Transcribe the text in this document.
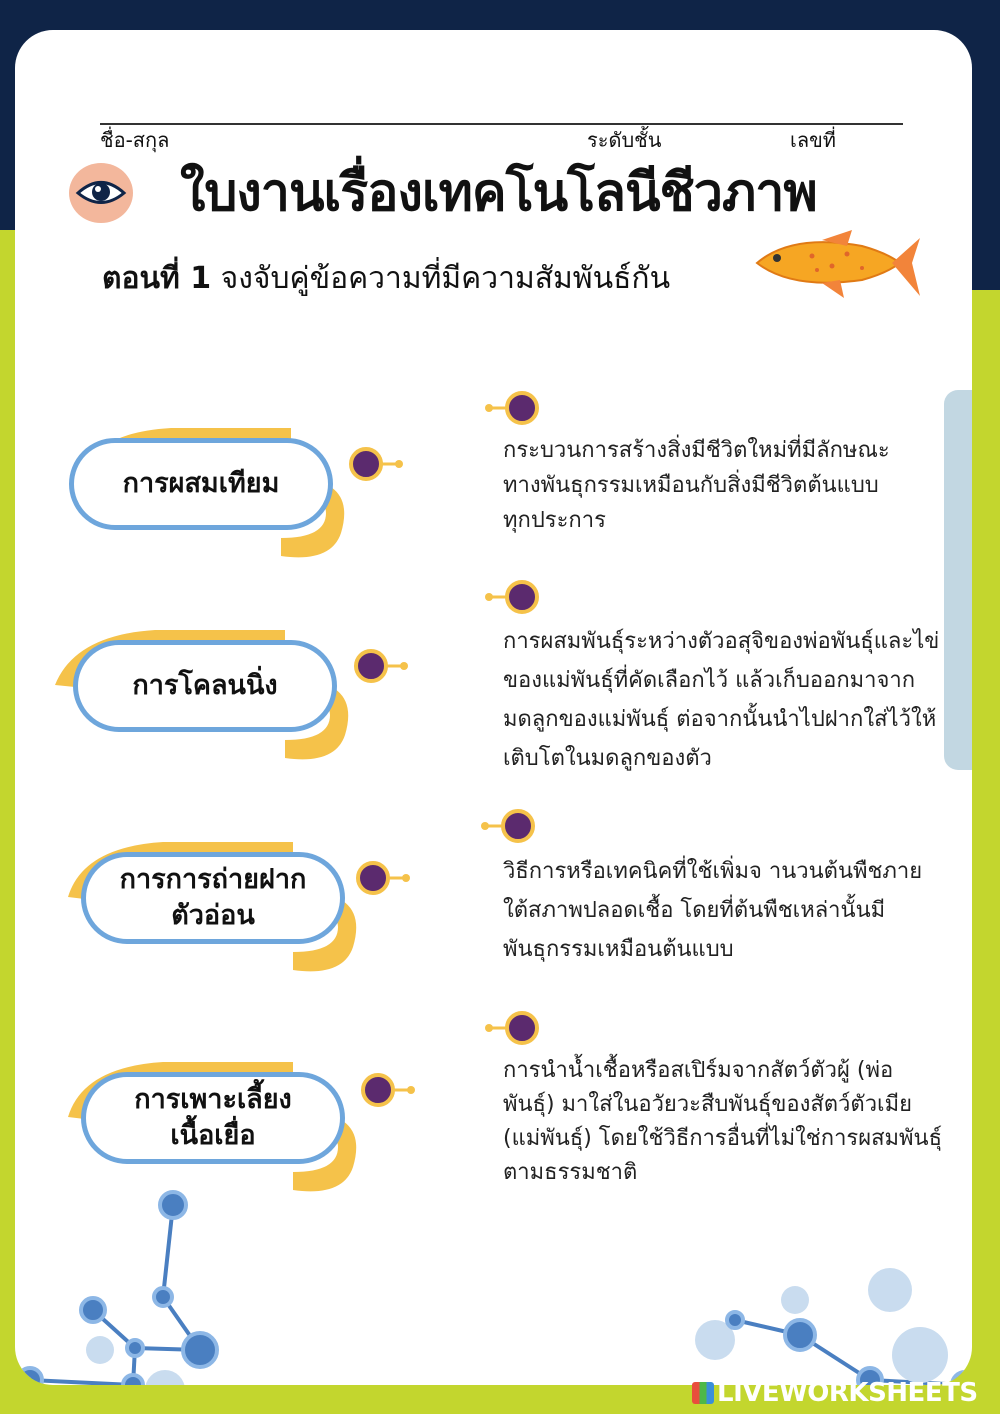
ชื่อ-สกุล	ระดับชั้น	เลขที่
ใบงานเรื่องเทคโนโลนีชีวภาพ
ตอนที่ 1 จงจับคู่ข้อความที่มีความสัมพันธ์กัน
การผสมเทียม
การโคลนนิ่ง
การการถ่ายฝาก
ตัวอ่อน
การเพาะเลี้ยง
เนื้อเยื่อ
กระบวนการสร้างสิ่งมีชีวิตใหม่ที่มีลักษณะ
ทางพันธุกรรมเหมือนกับสิ่งมีชีวิตต้นแบบ
ทุกประการ
การผสมพันธุ์ระหว่างตัวอสุจิของพ่อพันธุ์และไข่
ของแม่พันธุ์ที่คัดเลือกไว้ แล้วเก็บออกมาจาก
มดลูกของแม่พันธุ์ ต่อจากนั้นนำไปฝากใส่ไว้ให้
เติบโตในมดลูกของตัว
วิธีการหรือเทคนิคที่ใช้เพิ่มจ านวนต้นพืชภาย
ใต้สภาพปลอดเชื้อ โดยที่ต้นพืชเหล่านั้นมี
พันธุกรรมเหมือนต้นแบบ
การนำน้ำเชื้อหรือสเปิร์มจากสัตว์ตัวผู้ (พ่อ
พันธุ์) มาใส่ในอวัยวะสืบพันธุ์ของสัตว์ตัวเมีย
(แม่พันธุ์) โดยใช้วิธีการอื่นที่ไม่ใช่การผสมพันธุ์
ตามธรรมชาติ
LIVEWORKSHEETS
